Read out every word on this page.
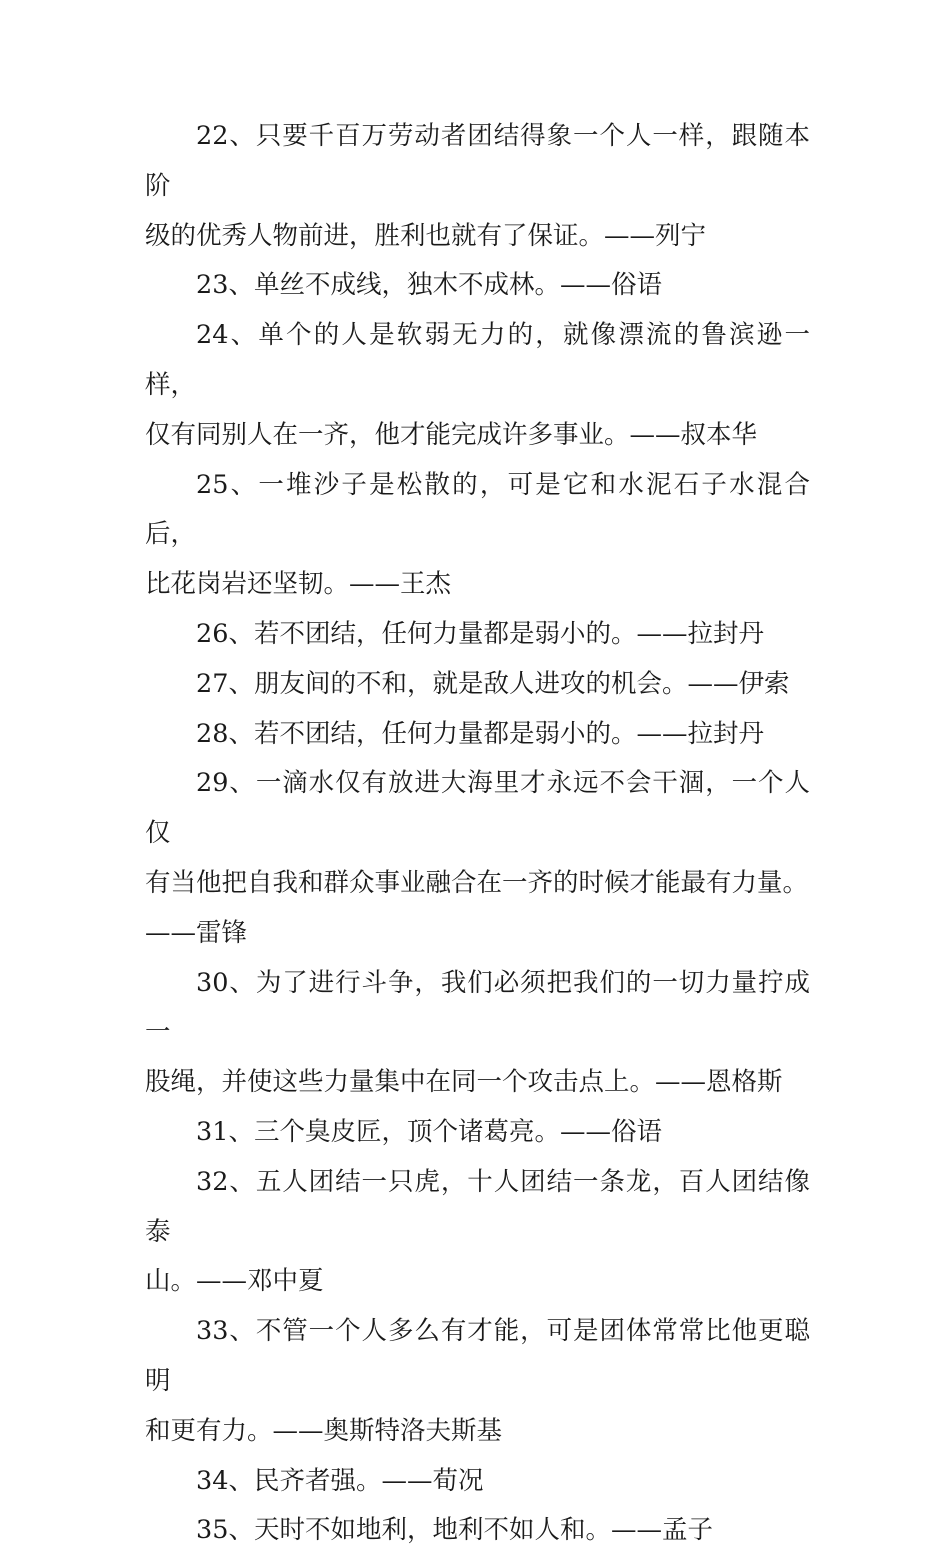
22、只要千百万劳动者团结得象一个人一样，跟随本阶
级的优秀人物前进，胜利也就有了保证。——列宁

23、单丝不成线，独木不成林。——俗语

24、单个的人是软弱无力的，就像漂流的鲁滨逊一样，
仅有同别人在一齐，他才能完成许多事业。——叔本华

25、一堆沙子是松散的，可是它和水泥石子水混合后，
比花岗岩还坚韧。——王杰

26、若不团结，任何力量都是弱小的。——拉封丹

27、朋友间的不和，就是敌人进攻的机会。——伊索

28、若不团结，任何力量都是弱小的。——拉封丹

29、一滴水仅有放进大海里才永远不会干涸，一个人仅
有当他把自我和群众事业融合在一齐的时候才能最有力量。
——雷锋

30、为了进行斗争，我们必须把我们的一切力量拧成一
股绳，并使这些力量集中在同一个攻击点上。——恩格斯

31、三个臭皮匠，顶个诸葛亮。——俗语

32、五人团结一只虎，十人团结一条龙，百人团结像泰
山。——邓中夏

33、不管一个人多么有才能，可是团体常常比他更聪明
和更有力。——奥斯特洛夫斯基

34、民齐者强。——荀况

35、天时不如地利，地利不如人和。——孟子
